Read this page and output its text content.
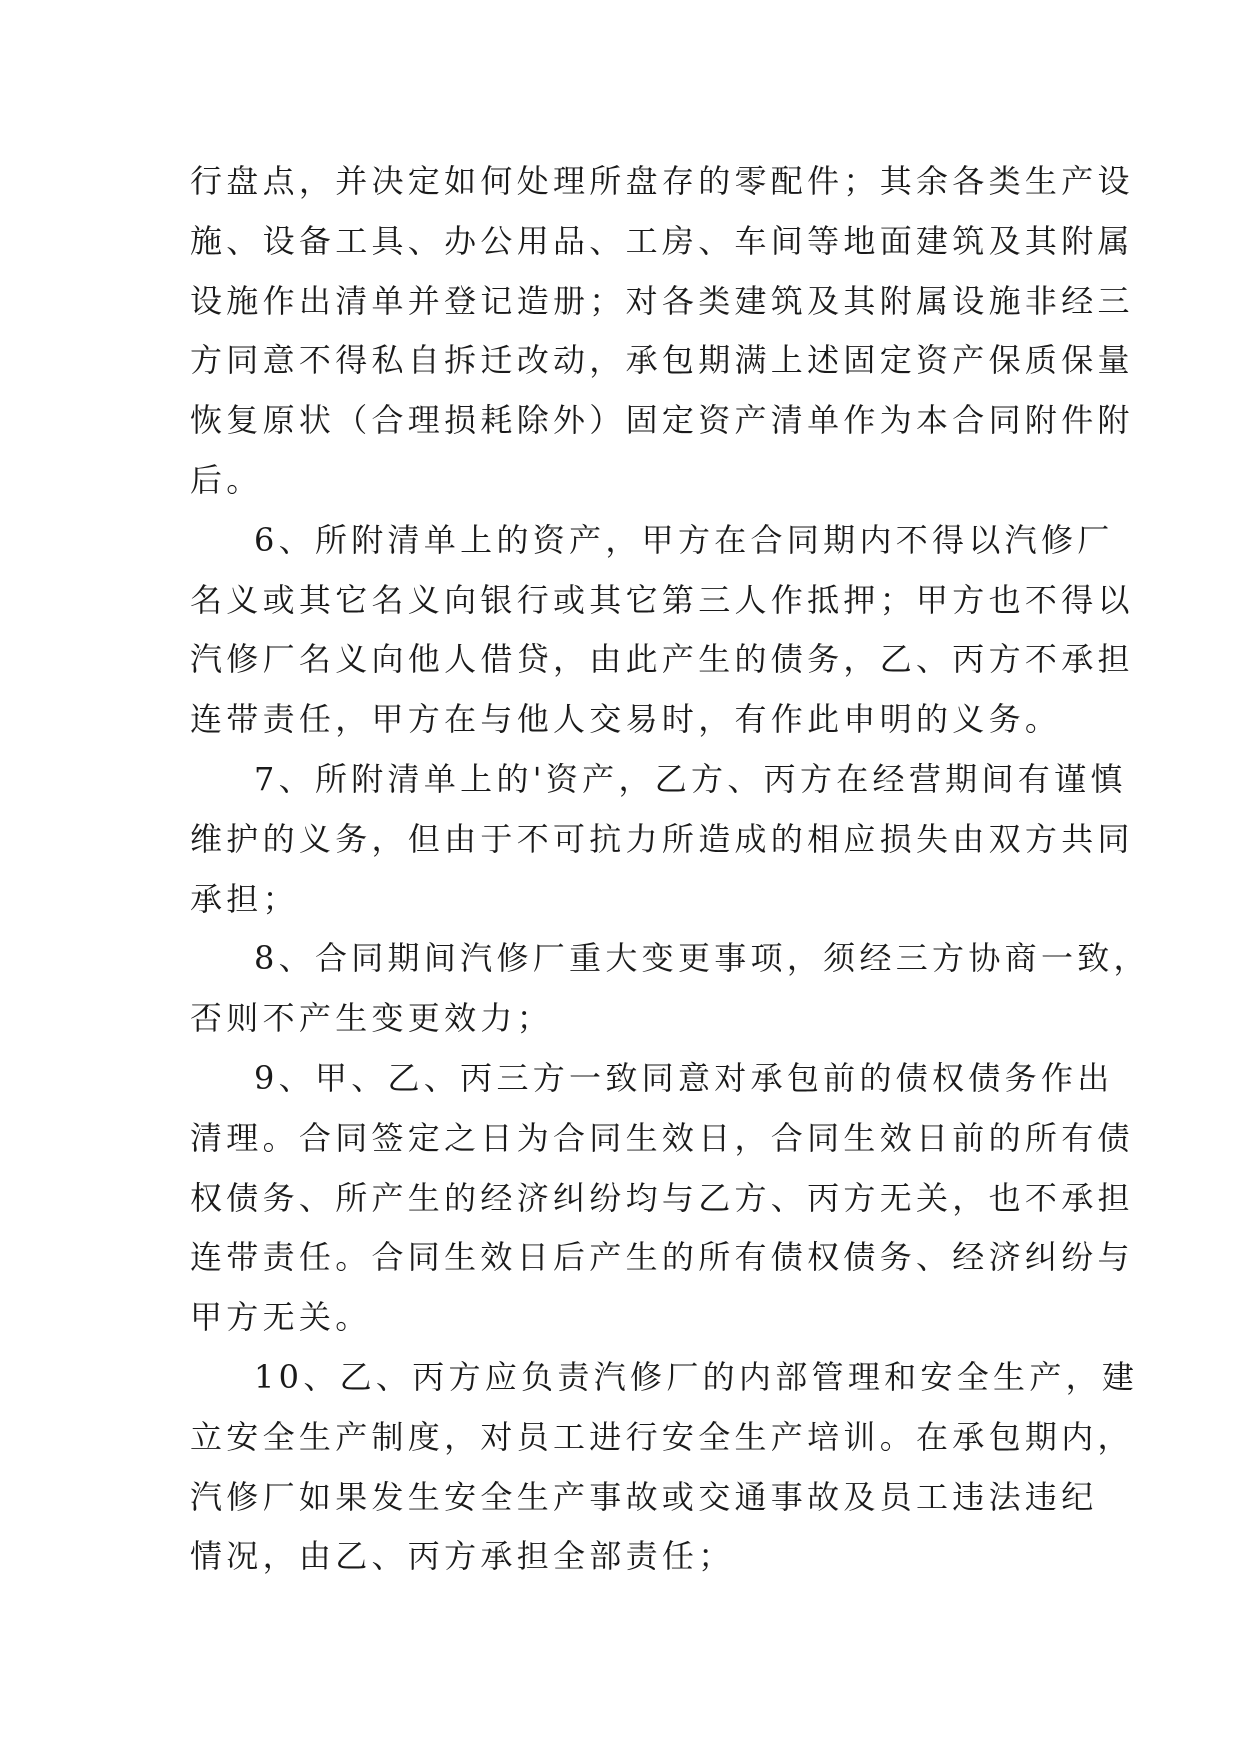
行盘点，并决定如何处理所盘存的零配件；其余各类生产设
施、设备工具、办公用品、工房、车间等地面建筑及其附属
设施作出清单并登记造册；对各类建筑及其附属设施非经三
方同意不得私自拆迁改动，承包期满上述固定资产保质保量
恢复原状（合理损耗除外）固定资产清单作为本合同附件附
后。
6、所附清单上的资产，甲方在合同期内不得以汽修厂
名义或其它名义向银行或其它第三人作抵押；甲方也不得以
汽修厂名义向他人借贷，由此产生的债务，乙、丙方不承担
连带责任，甲方在与他人交易时，有作此申明的义务。
7、所附清单上的'资产，乙方、丙方在经营期间有谨慎
维护的义务，但由于不可抗力所造成的相应损失由双方共同
承担；
8、合同期间汽修厂重大变更事项，须经三方协商一致，
否则不产生变更效力；
9、甲、乙、丙三方一致同意对承包前的债权债务作出
清理。合同签定之日为合同生效日，合同生效日前的所有债
权债务、所产生的经济纠纷均与乙方、丙方无关，也不承担
连带责任。合同生效日后产生的所有债权债务、经济纠纷与
甲方无关。
10、乙、丙方应负责汽修厂的内部管理和安全生产，建
立安全生产制度，对员工进行安全生产培训。在承包期内，
汽修厂如果发生安全生产事故或交通事故及员工违法违纪
情况，由乙、丙方承担全部责任；
